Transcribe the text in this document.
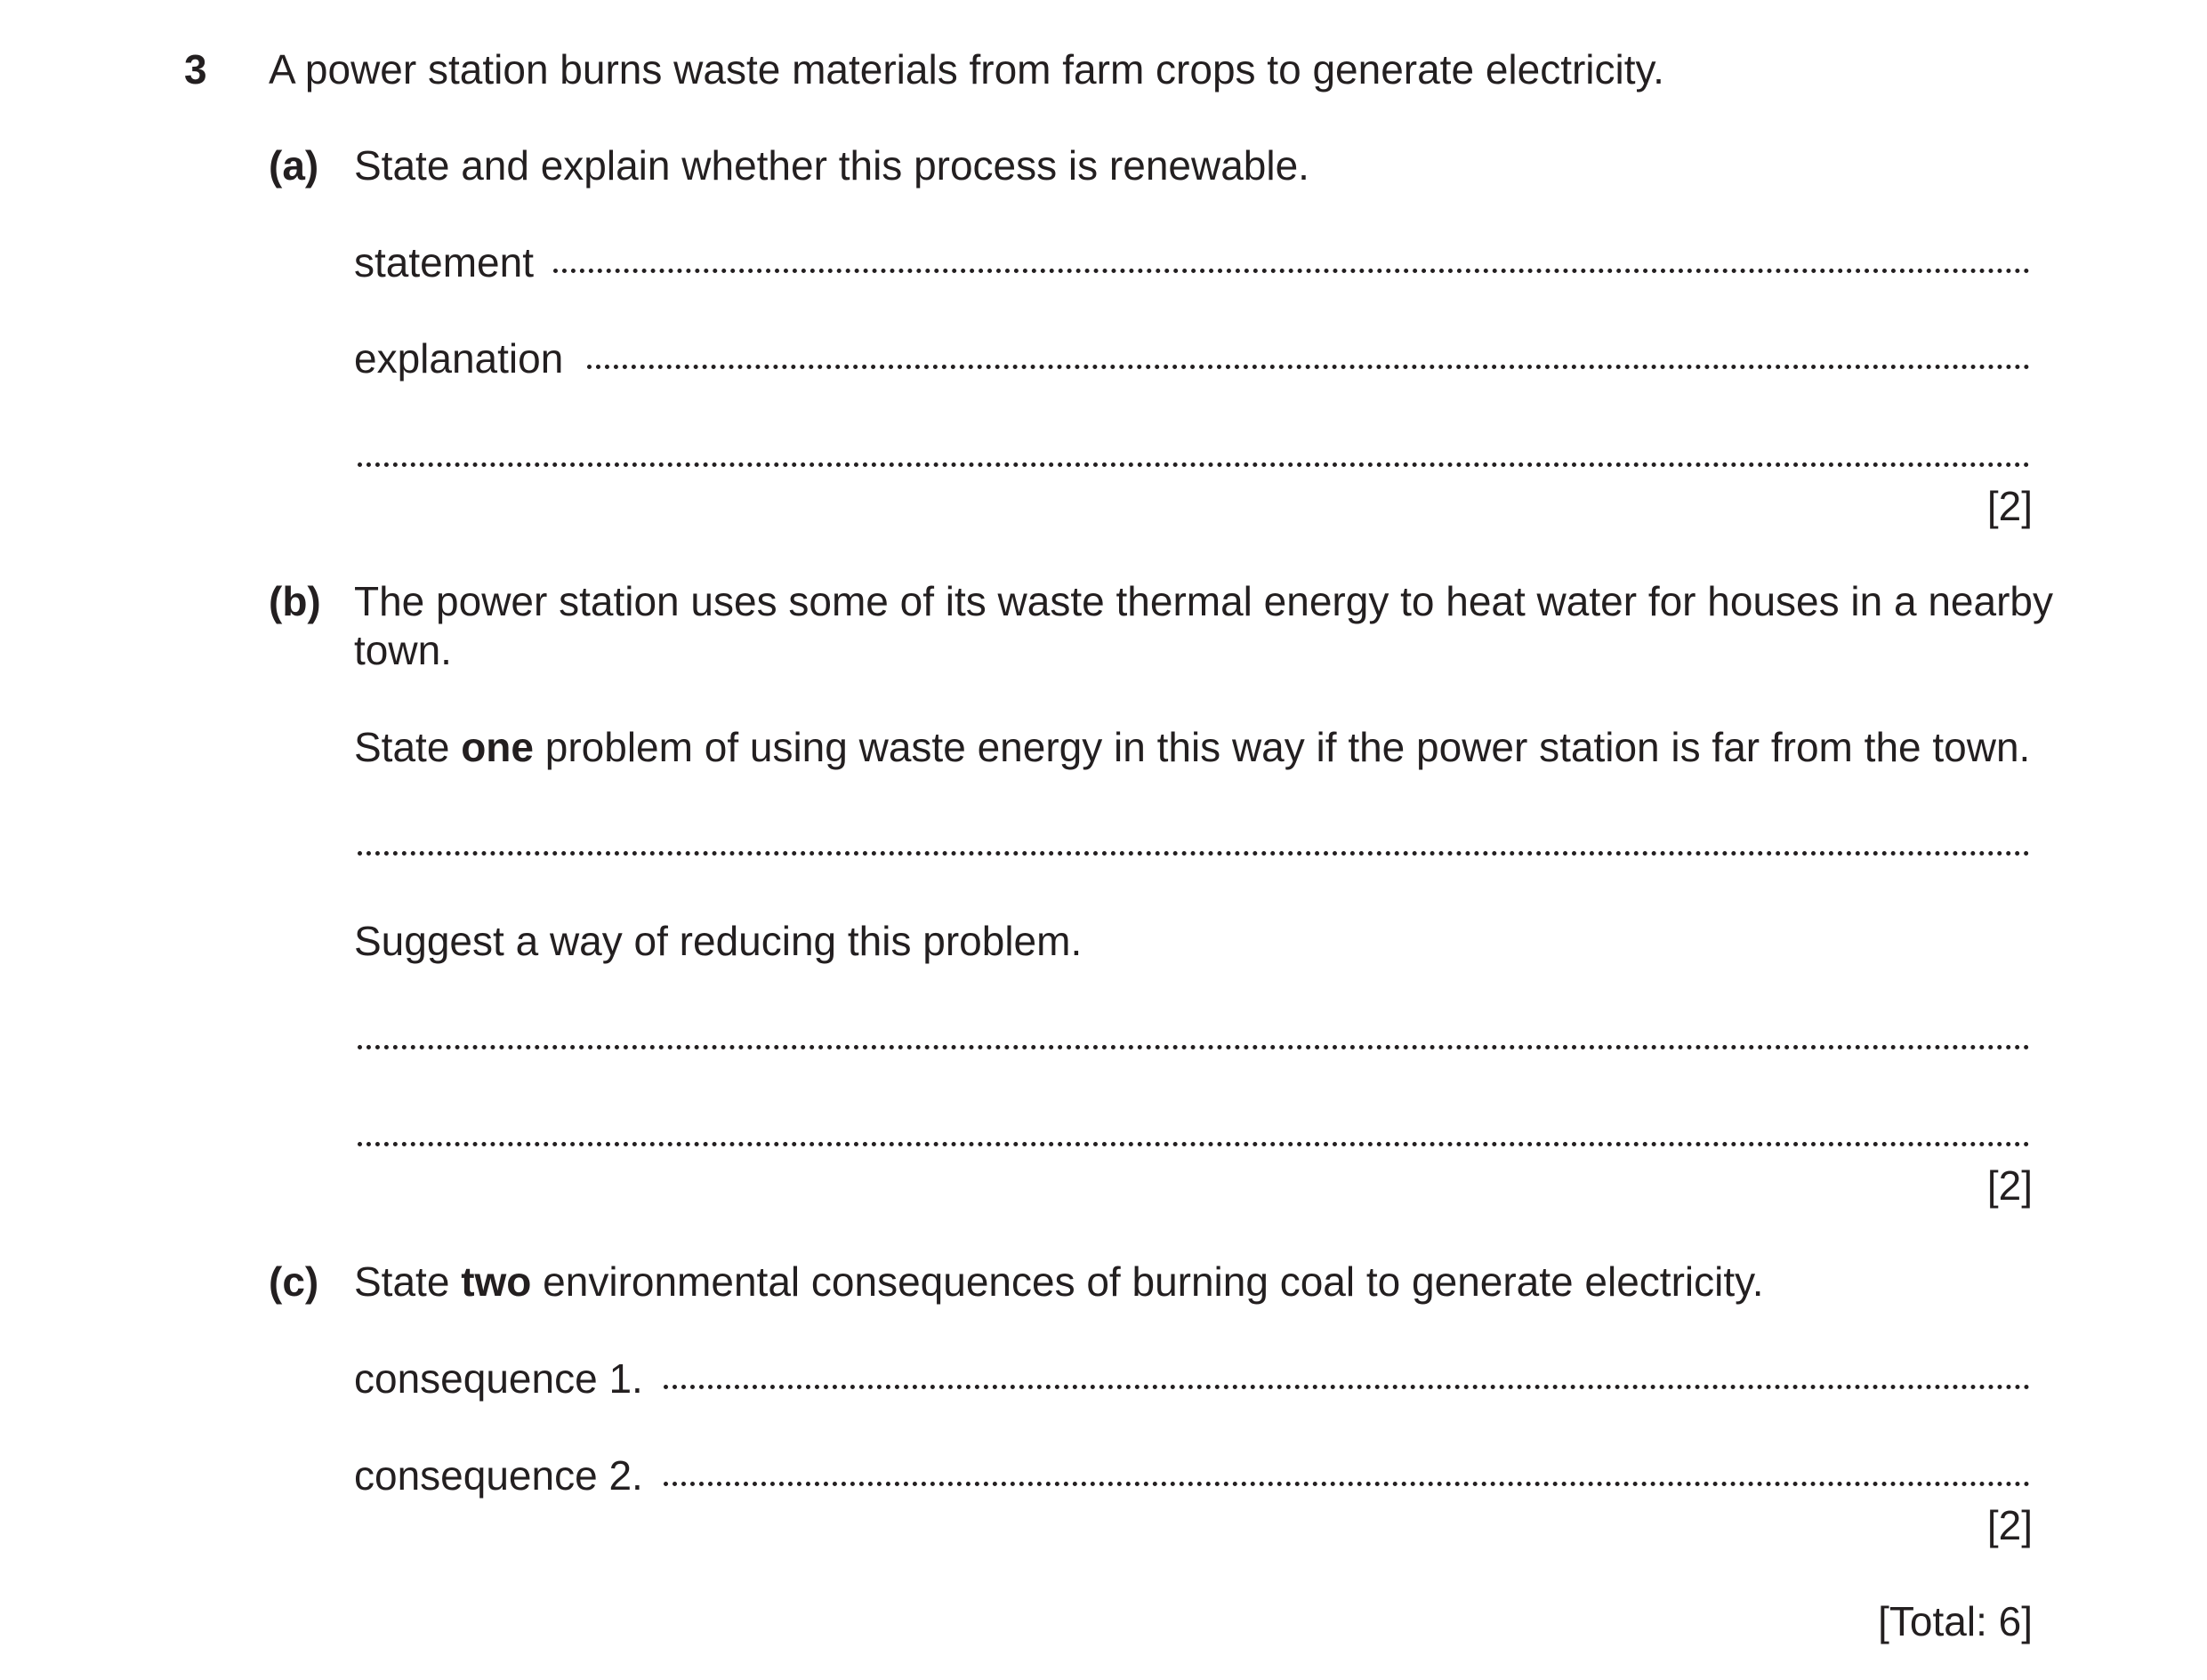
3 A power station burns waste materials from farm crops to generate electricity.
(a) State and explain whether this process is renewable.
statement
explanation
[2]
(b) The power station uses some of its waste thermal energy to heat water for houses in a nearby
town.
State one problem of using waste energy in this way if the power station is far from the town.
Suggest a way of reducing this problem.
[2]
(c) State two environmental consequences of burning coal to generate electricity.
consequence 1.
consequence 2.
[2]
[Total: 6]
